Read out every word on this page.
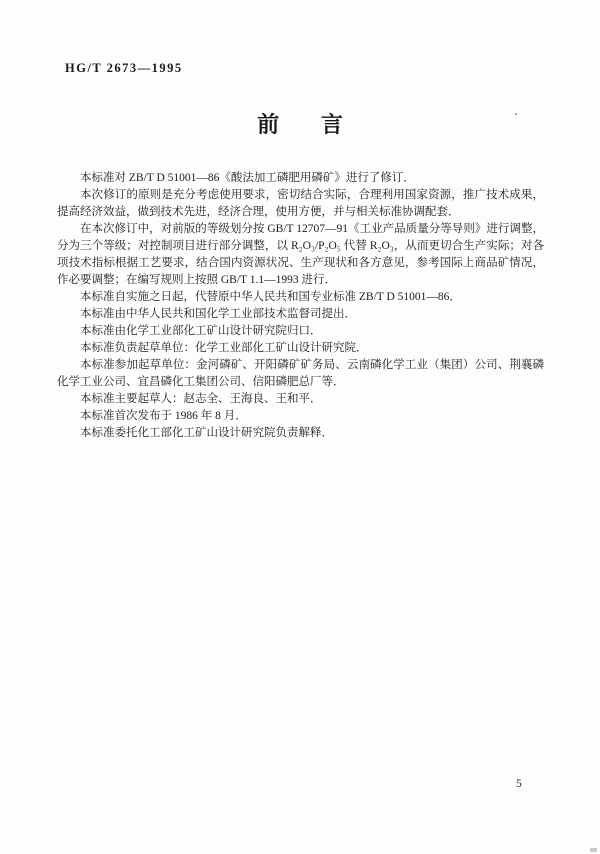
HG/T 2673—1995
前　言

本标准对 ZB/T D 51001—86《酸法加工磷肥用磷矿》进行了修订．

本次修订的原则是充分考虑使用要求，密切结合实际，合理利用国家资源，推广技术成果，提高经济效益，做到技术先进，经济合理，使用方便，并与相关标准协调配套．

在本次修订中，对前版的等级划分按 GB/T 12707—91《工业产品质量分等导则》进行调整，分为三个等级；对控制项目进行部分调整，以 R₂O₃/P₂O₅ 代替 R₂O₃，从而更切合生产实际；对各项技术指标根据工艺要求，结合国内资源状况、生产现状和各方意见，参考国际上商品矿情况，作必要调整；在编写规则上按照 GB/T 1.1—1993 进行．

本标准自实施之日起，代替原中华人民共和国专业标准 ZB/T D 51001—86．

本标准由中华人民共和国化学工业部技术监督司提出．

本标准由化学工业部化工矿山设计研究院归口．

本标准负责起草单位：化学工业部化工矿山设计研究院．

本标准参加起草单位：金河磷矿、开阳磷矿矿务局、云南磷化学工业（集团）公司、荆襄磷化学工业公司、宜昌磷化工集团公司、信阳磷肥总厂等．

本标准主要起草人：赵志全、王海良、王和平．

本标准首次发布于 1986 年 8 月．

本标准委托化工部化工矿山设计研究院负责解释．

5
